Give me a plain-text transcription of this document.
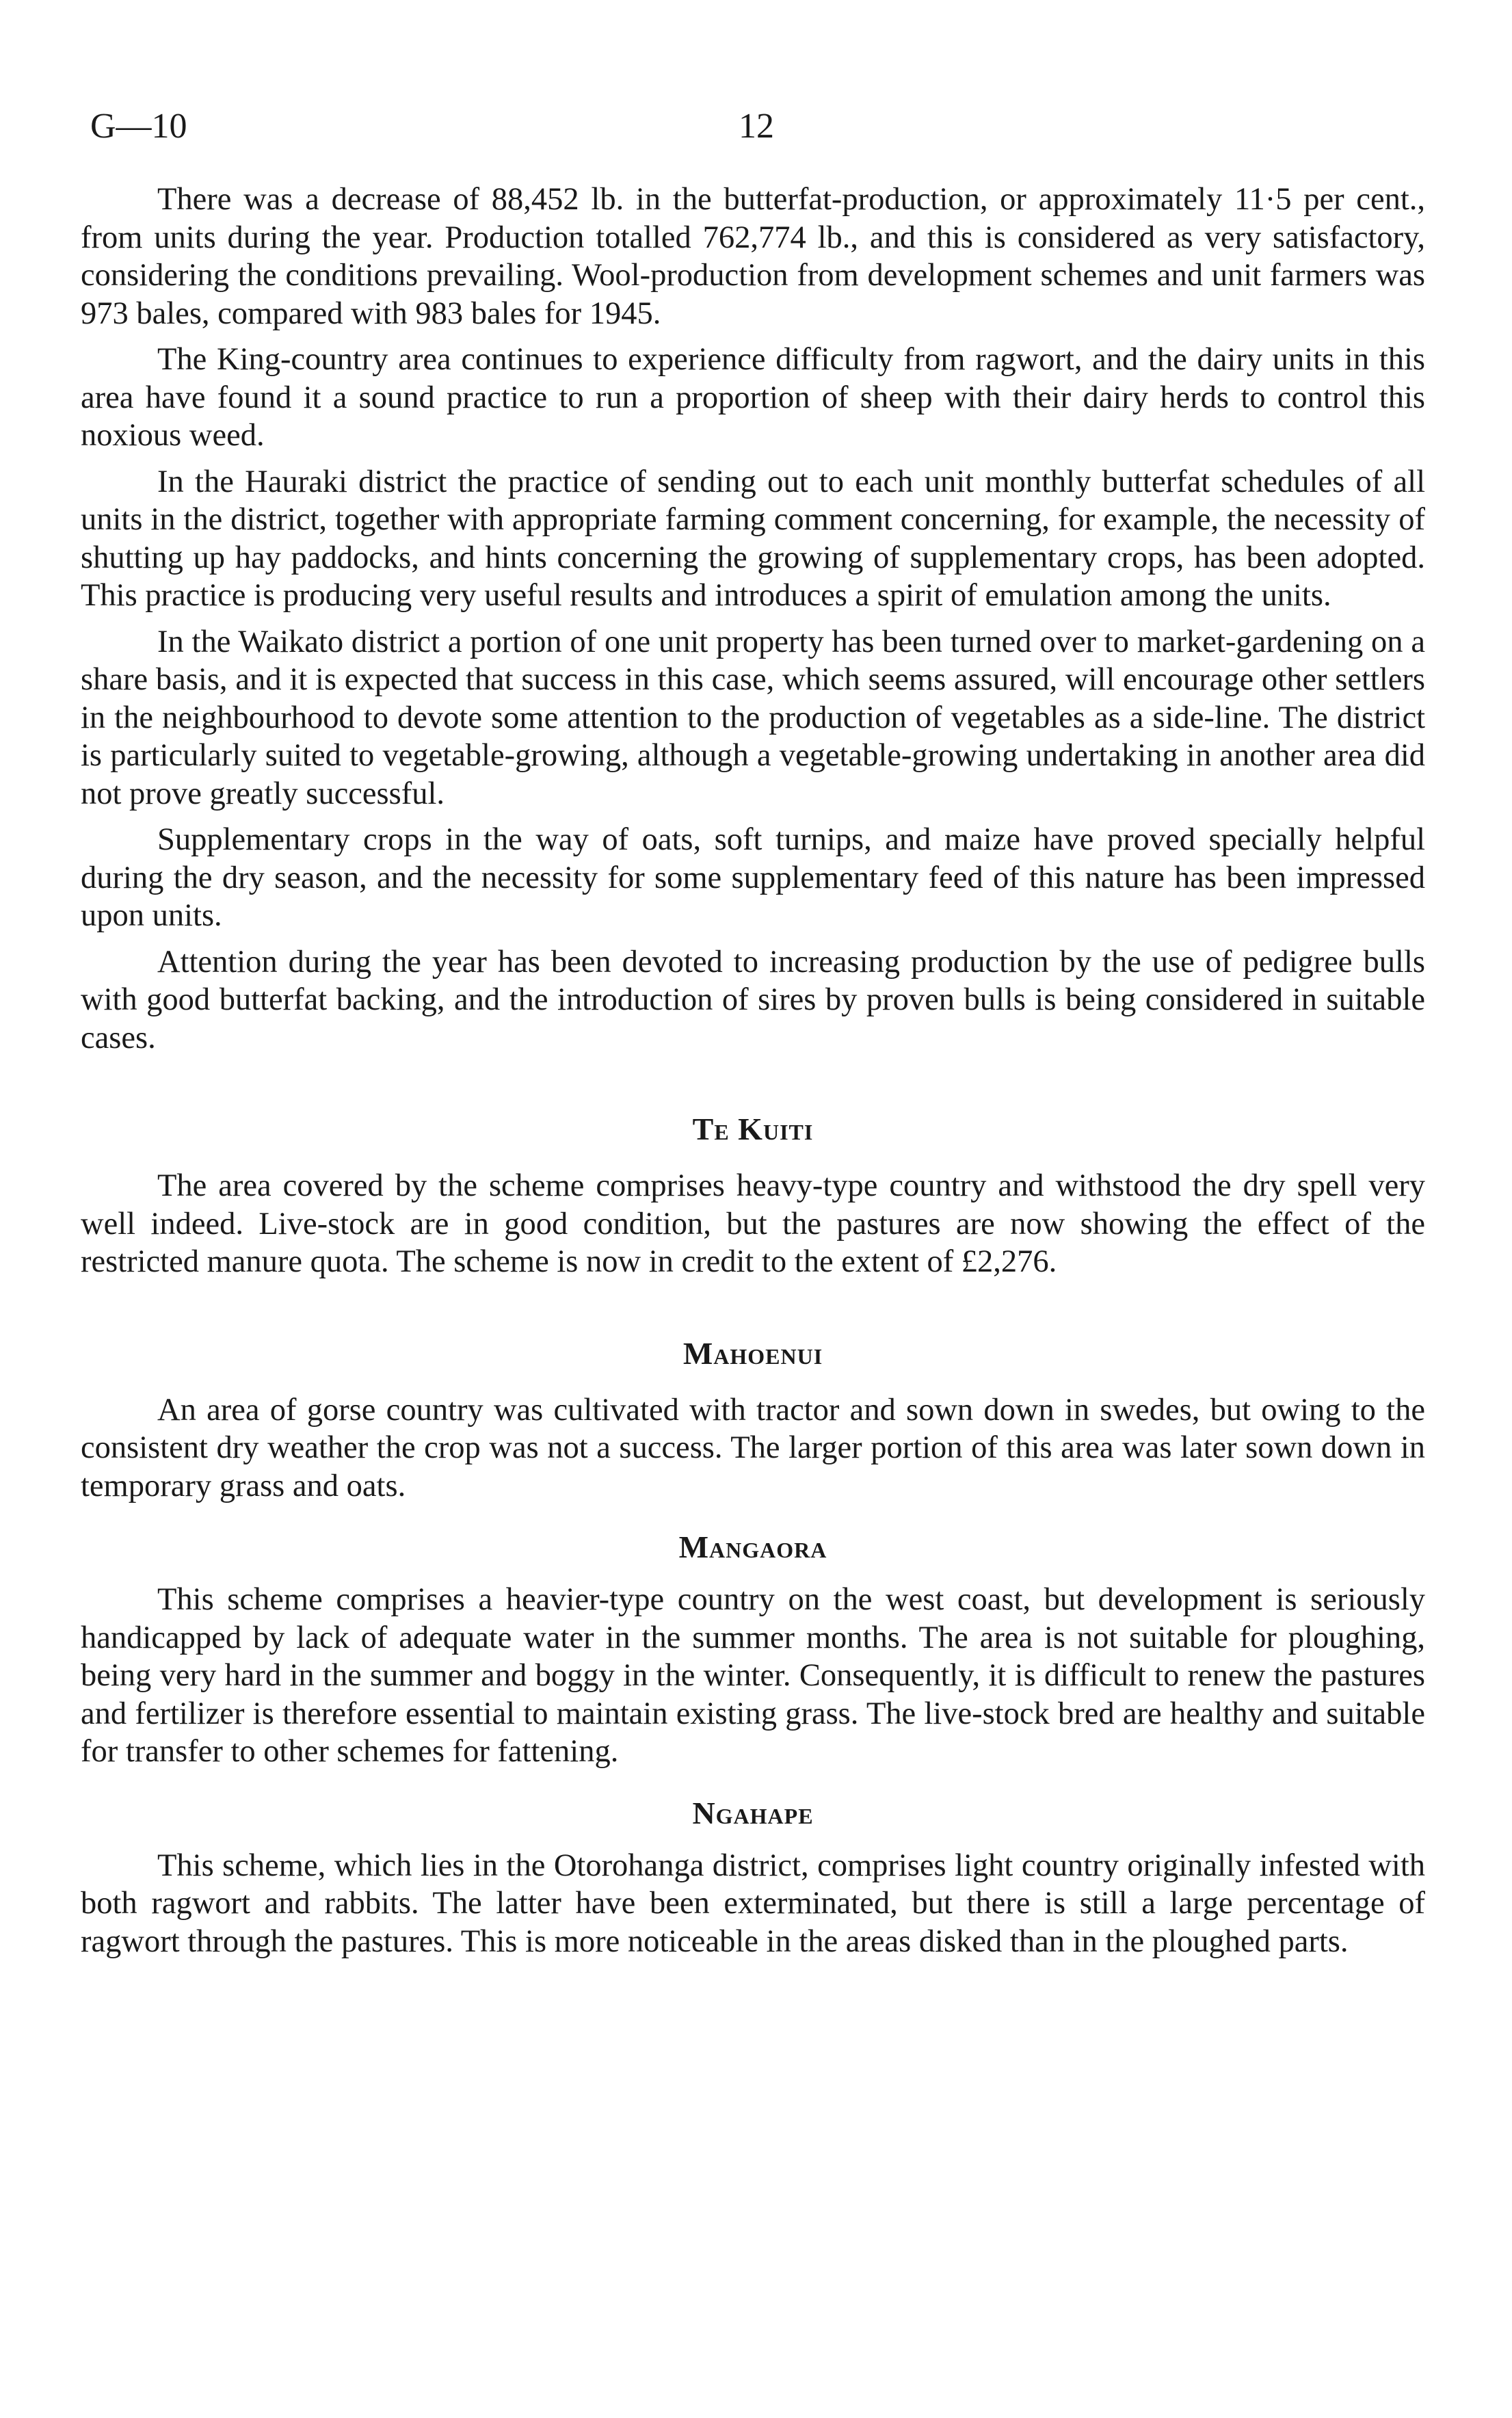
G—10	12

There was a decrease of 88,452 lb. in the butterfat-production, or approximately 11·5 per cent., from units during the year. Production totalled 762,774 lb., and this is considered as very satisfactory, considering the conditions prevailing. Wool-production from development schemes and unit farmers was 973 bales, compared with 983 bales for 1945.

The King-country area continues to experience difficulty from ragwort, and the dairy units in this area have found it a sound practice to run a proportion of sheep with their dairy herds to control this noxious weed.

In the Hauraki district the practice of sending out to each unit monthly butterfat schedules of all units in the district, together with appropriate farming comment concerning, for example, the necessity of shutting up hay paddocks, and hints concerning the growing of supplementary crops, has been adopted. This practice is producing very useful results and introduces a spirit of emulation among the units.

In the Waikato district a portion of one unit property has been turned over to market-gardening on a share basis, and it is expected that success in this case, which seems assured, will encourage other settlers in the neighbourhood to devote some attention to the production of vegetables as a side-line. The district is particularly suited to vegetable-growing, although a vegetable-growing undertaking in another area did not prove greatly successful.

Supplementary crops in the way of oats, soft turnips, and maize have proved specially helpful during the dry season, and the necessity for some supplementary feed of this nature has been impressed upon units.

Attention during the year has been devoted to increasing production by the use of pedigree bulls with good butterfat backing, and the introduction of sires by proven bulls is being considered in suitable cases.

Te Kuiti

The area covered by the scheme comprises heavy-type country and withstood the dry spell very well indeed. Live-stock are in good condition, but the pastures are now showing the effect of the restricted manure quota. The scheme is now in credit to the extent of £2,276.

Mahoenui

An area of gorse country was cultivated with tractor and sown down in swedes, but owing to the consistent dry weather the crop was not a success. The larger portion of this area was later sown down in temporary grass and oats.

Mangaora

This scheme comprises a heavier-type country on the west coast, but development is seriously handicapped by lack of adequate water in the summer months. The area is not suitable for ploughing, being very hard in the summer and boggy in the winter. Consequently, it is difficult to renew the pastures and fertilizer is therefore essential to maintain existing grass. The live-stock bred are healthy and suitable for transfer to other schemes for fattening.

Ngahape

This scheme, which lies in the Otorohanga district, comprises light country originally infested with both ragwort and rabbits. The latter have been exterminated, but there is still a large percentage of ragwort through the pastures. This is more noticeable in the areas disked than in the ploughed parts.
